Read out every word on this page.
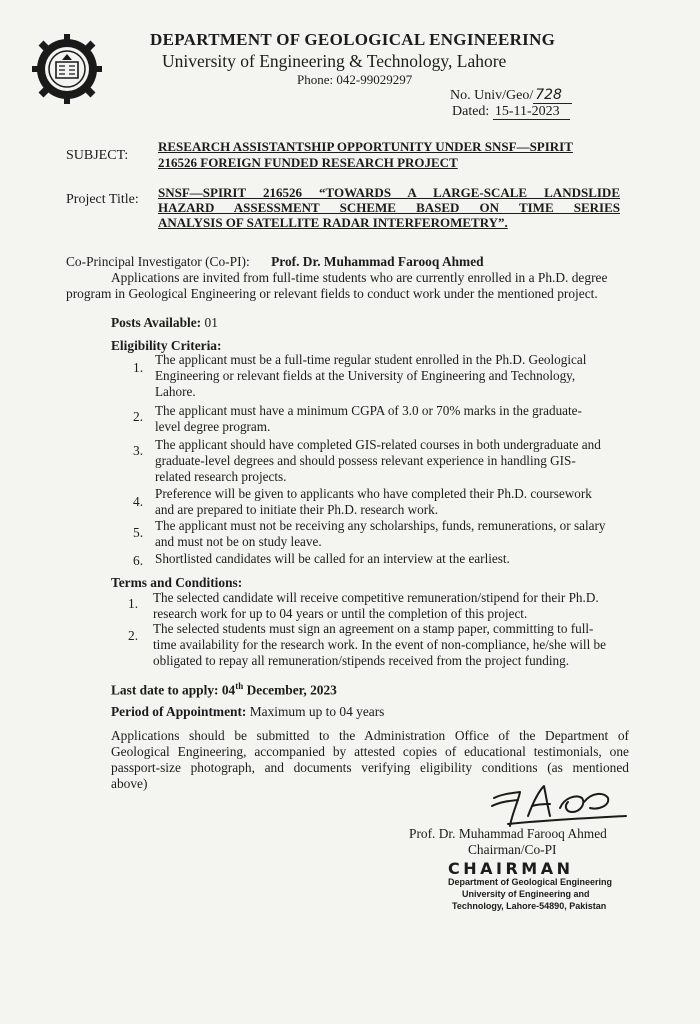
DEPARTMENT OF GEOLOGICAL ENGINEERING
University of Engineering & Technology, Lahore
Phone: 042-99029297
No. Univ/Geo/ 728
Dated: 15-11-2023
SUBJECT:
RESEARCH ASSISTANTSHIP OPPORTUNITY UNDER SNSF—SPIRIT
216526 FOREIGN FUNDED RESEARCH PROJECT
Project Title: SNSF—SPIRIT 216526 “TOWARDS A LARGE-SCALE LANDSLIDE
HAZARD ASSESSMENT SCHEME BASED ON TIME SERIES
ANALYSIS OF SATELLITE RADAR INTERFEROMETRY”.
Co-Principal Investigator (Co-PI): Prof. Dr. Muhammad Farooq Ahmed
Applications are invited from full-time students who are currently enrolled in a Ph.D. degree
program in Geological Engineering or relevant fields to conduct work under the mentioned project.
Posts Available: 01
Eligibility Criteria:
1.
The applicant must be a full-time regular student enrolled in the Ph.D. Geological
Engineering or relevant fields at the University of Engineering and Technology,
Lahore.
2. The applicant must have a minimum CGPA of 3.0 or 70% marks in the graduate-
level degree program.
3. The applicant should have completed GIS-related courses in both undergraduate and
graduate-level degrees and should possess relevant experience in handling GIS-
related research projects.
4.
Preference will be given to applicants who have completed their Ph.D. coursework
and are prepared to initiate their Ph.D. research work.
5. The applicant must not be receiving any scholarships, funds, remunerations, or salary
and must not be on study leave.
6. Shortlisted candidates will be called for an interview at the earliest.
Terms and Conditions:
1. The selected candidate will receive competitive remuneration/stipend for their Ph.D.
research work for up to 04 years or until the completion of this project.
2. The selected students must sign an agreement on a stamp paper, committing to full-
time availability for the research work. In the event of non-compliance, he/she will be
obligated to repay all remuneration/stipends received from the project funding.
Last date to apply: 04th December, 2023
Period of Appointment: Maximum up to 04 years
Applications should be submitted to the Administration Office of the Department of
Geological Engineering, accompanied by attested copies of educational testimonials, one
passport-size photograph, and documents verifying eligibility conditions (as mentioned
above)
Prof. Dr. Muhammad Farooq Ahmed
Chairman/Co-PI
CHAIRMAN
Department of Geological Engineering
University of Engineering and
Technology, Lahore-54890, Pakistan
